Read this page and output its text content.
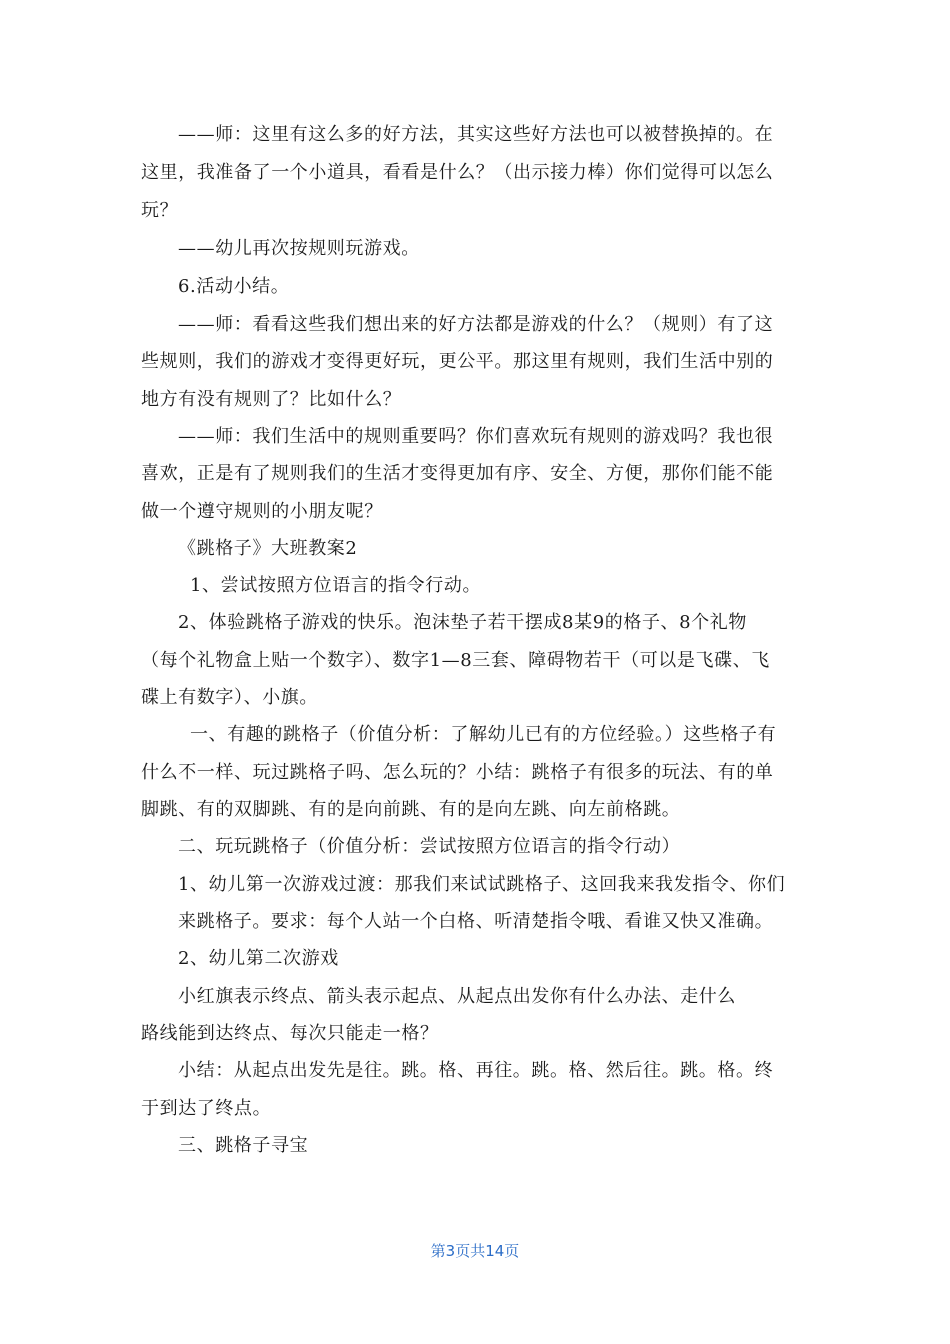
——师：这里有这么多的好方法，其实这些好方法也可以被替换掉的。在
这里，我准备了一个小道具，看看是什么？（出示接力棒）你们觉得可以怎么
玩？
——幼儿再次按规则玩游戏。
6.活动小结。
——师：看看这些我们想出来的好方法都是游戏的什么？（规则）有了这
些规则，我们的游戏才变得更好玩，更公平。那这里有规则，我们生活中别的
地方有没有规则了？比如什么？
——师：我们生活中的规则重要吗？你们喜欢玩有规则的游戏吗？我也很
喜欢，正是有了规则我们的生活才变得更加有序、安全、方便，那你们能不能
做一个遵守规则的小朋友呢？
《跳格子》大班教案2
1、尝试按照方位语言的指令行动。
2、体验跳格子游戏的快乐。泡沫垫子若干摆成8某9的格子、8个礼物
（每个礼物盒上贴一个数字）、数字1—8三套、障碍物若干（可以是飞碟、飞
碟上有数字）、小旗。
一、有趣的跳格子（价值分析：了解幼儿已有的方位经验。）这些格子有
什么不一样、玩过跳格子吗、怎么玩的？小结：跳格子有很多的玩法、有的单
脚跳、有的双脚跳、有的是向前跳、有的是向左跳、向左前格跳。
二、玩玩跳格子（价值分析：尝试按照方位语言的指令行动）
1、幼儿第一次游戏过渡：那我们来试试跳格子、这回我来我发指令、你们
来跳格子。要求：每个人站一个白格、听清楚指令哦、看谁又快又准确。
2、幼儿第二次游戏
小红旗表示终点、箭头表示起点、从起点出发你有什么办法、走什么
路线能到达终点、每次只能走一格？
小结：从起点出发先是往。跳。格、再往。跳。格、然后往。跳。格。终
于到达了终点。
三、跳格子寻宝
第3页共14页
